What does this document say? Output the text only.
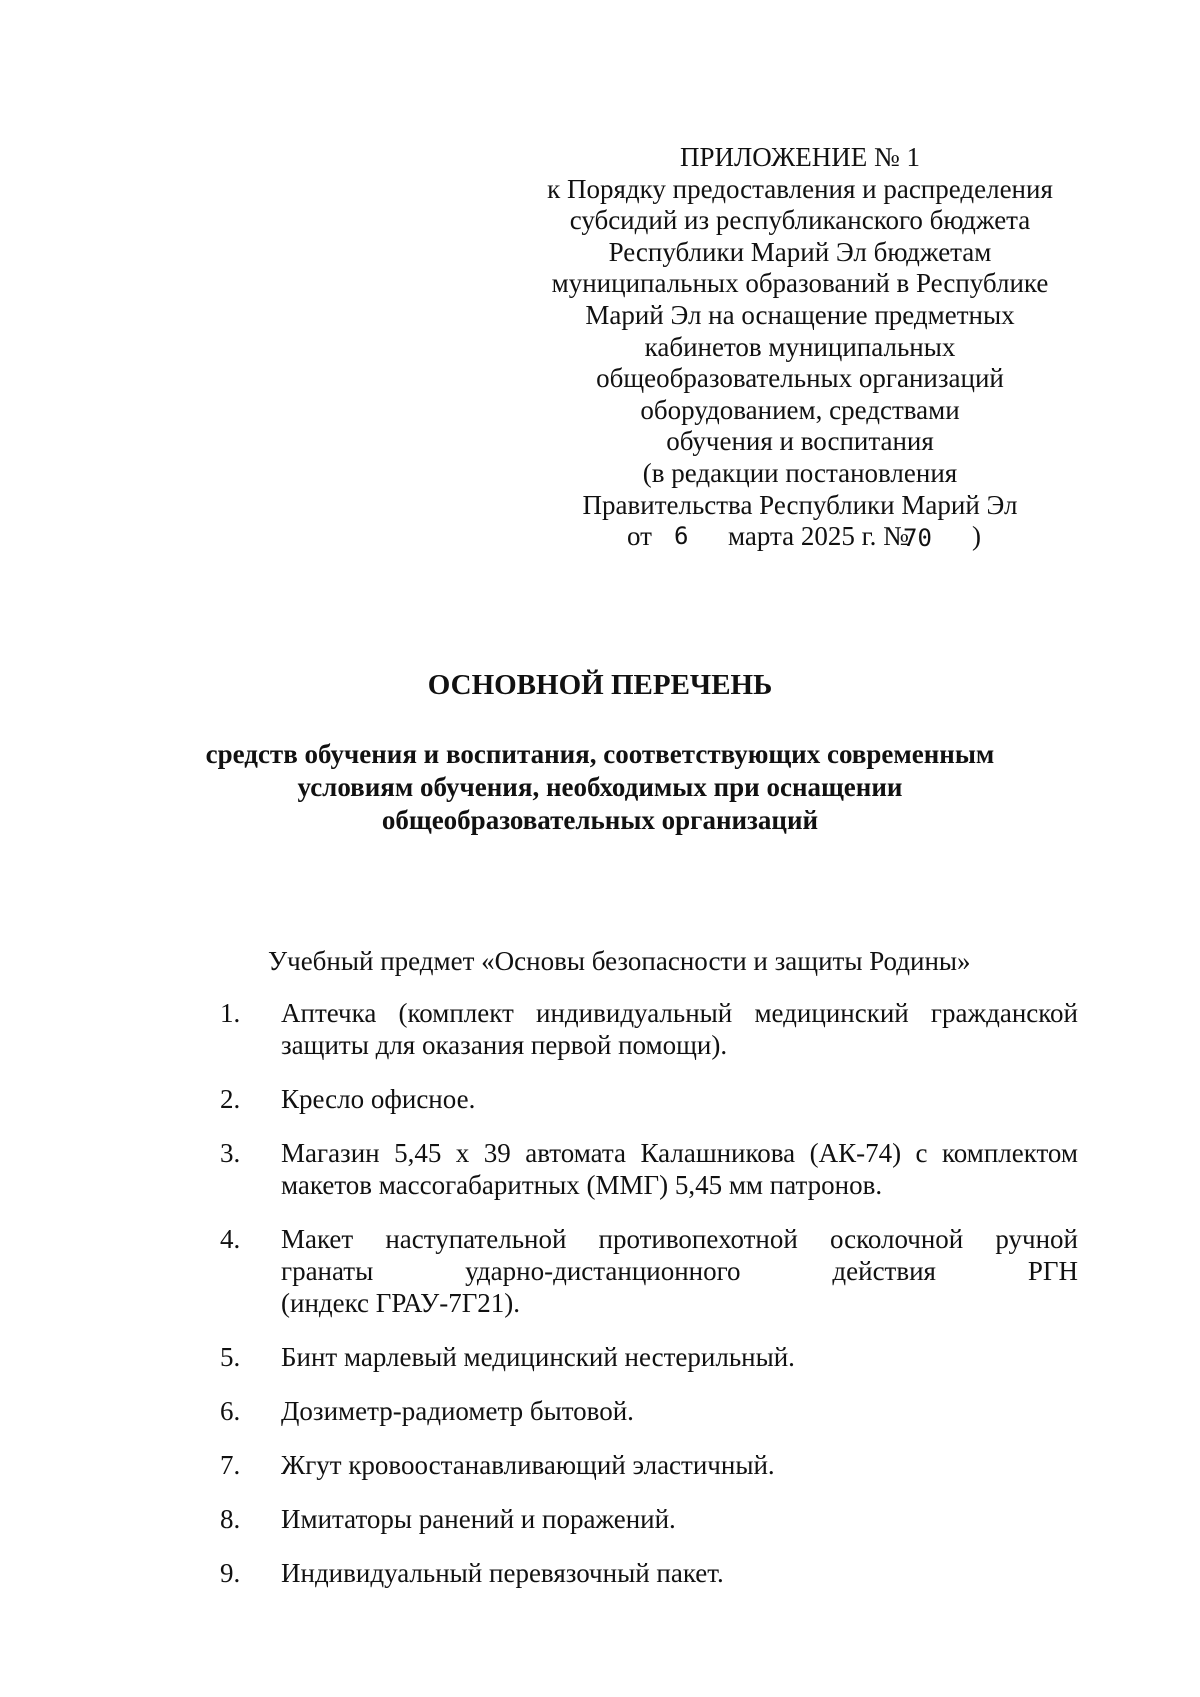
ПРИЛОЖЕНИЕ № 1
к Порядку предоставления и распределения
субсидий из республиканского бюджета
Республики Марий Эл бюджетам
муниципальных образований в Республике
Марий Эл на оснащение предметных
кабинетов муниципальных
общеобразовательных организаций
оборудованием, средствами
обучения и воспитания
(в редакции постановления
Правительства Республики Марий Эл
от 6 марта 2025 г. №
70 )
ОСНОВНОЙ ПЕРЕЧЕНЬ
средств обучения и воспитания, соответствующих современным
условиям обучения, необходимых при оснащении
общеобразовательных организаций
Учебный предмет «Основы безопасности и защиты Родины»
1.	Аптечка (комплект индивидуальный медицинский гражданской
защиты для оказания первой помощи).
2.	Кресло офисное.
3.	Магазин 5,45 х 39 автомата Калашникова (АК-74) с комплектом
макетов массогабаритных (ММГ) 5,45 мм патронов.
4.	Макет наступательной противопехотной осколочной ручной
гранаты ударно-дистанционного действия РГН
(индекс ГРАУ-7Г21).
5.	Бинт марлевый медицинский нестерильный.
6.	Дозиметр-радиометр бытовой.
7.	Жгут кровоостанавливающий эластичный.
8.	Имитаторы ранений и поражений.
9.	Индивидуальный перевязочный пакет.
